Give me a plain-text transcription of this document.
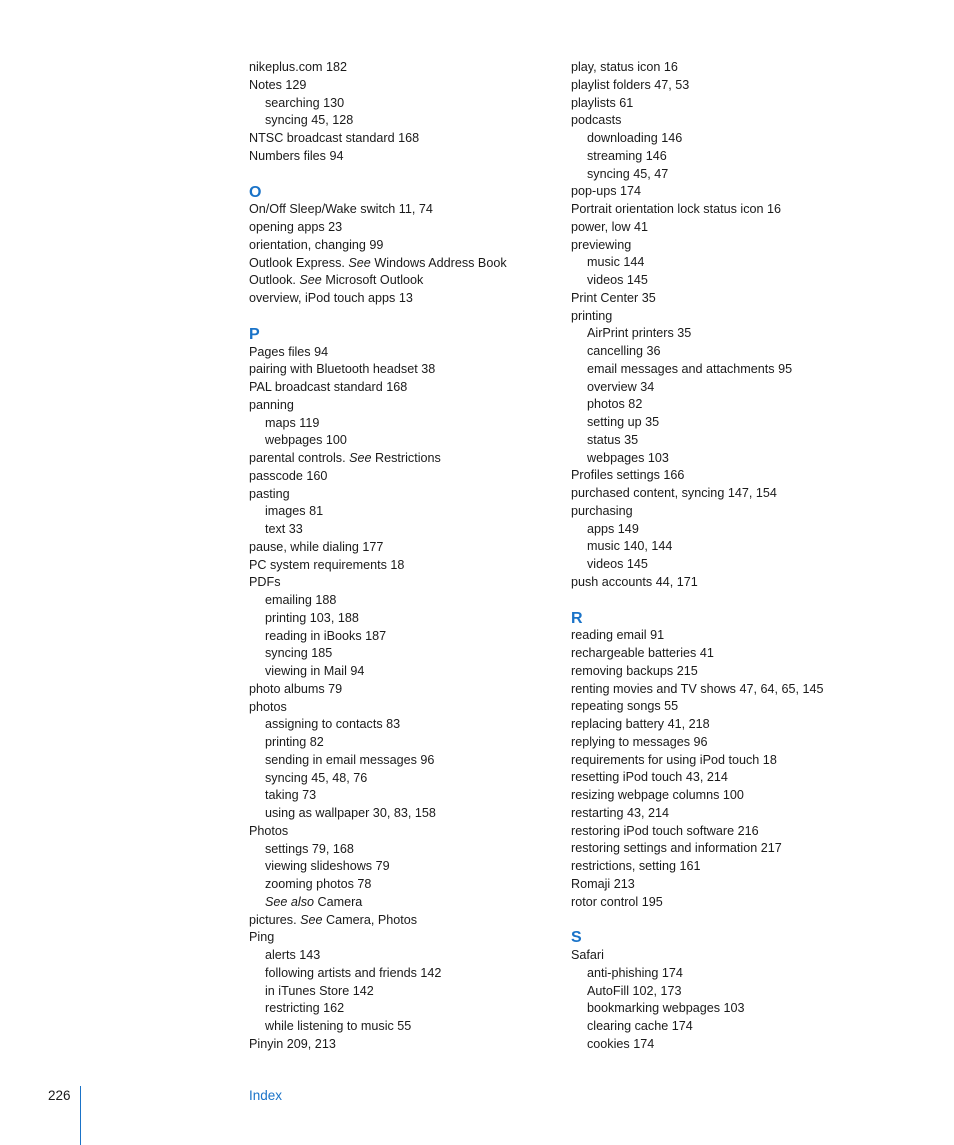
nikeplus.com 182
Notes 129
searching 130
syncing 45, 128
NTSC broadcast standard 168
Numbers files 94
O
On/Off Sleep/Wake switch 11, 74
opening apps 23
orientation, changing 99
Outlook Express. See Windows Address Book
Outlook. See Microsoft Outlook
overview, iPod touch apps 13
P
Pages files 94
pairing with Bluetooth headset 38
PAL broadcast standard 168
panning
maps 119
webpages 100
parental controls. See Restrictions
passcode 160
pasting
images 81
text 33
pause, while dialing 177
PC system requirements 18
PDFs
emailing 188
printing 103, 188
reading in iBooks 187
syncing 185
viewing in Mail 94
photo albums 79
photos
assigning to contacts 83
printing 82
sending in email messages 96
syncing 45, 48, 76
taking 73
using as wallpaper 30, 83, 158
Photos
settings 79, 168
viewing slideshows 79
zooming photos 78
See also Camera
pictures. See Camera, Photos
Ping
alerts 143
following artists and friends 142
in iTunes Store 142
restricting 162
while listening to music 55
Pinyin 209, 213
play, status icon 16
playlist folders 47, 53
playlists 61
podcasts
downloading 146
streaming 146
syncing 45, 47
pop-ups 174
Portrait orientation lock status icon 16
power, low 41
previewing
music 144
videos 145
Print Center 35
printing
AirPrint printers 35
cancelling 36
email messages and attachments 95
overview 34
photos 82
setting up 35
status 35
webpages 103
Profiles settings 166
purchased content, syncing 147, 154
purchasing
apps 149
music 140, 144
videos 145
push accounts 44, 171
R
reading email 91
rechargeable batteries 41
removing backups 215
renting movies and TV shows 47, 64, 65, 145
repeating songs 55
replacing battery 41, 218
replying to messages 96
requirements for using iPod touch 18
resetting iPod touch 43, 214
resizing webpage columns 100
restarting 43, 214
restoring iPod touch software 216
restoring settings and information 217
restrictions, setting 161
Romaji 213
rotor control 195
S
Safari
anti-phishing 174
AutoFill 102, 173
bookmarking webpages 103
clearing cache 174
cookies 174
226	Index
